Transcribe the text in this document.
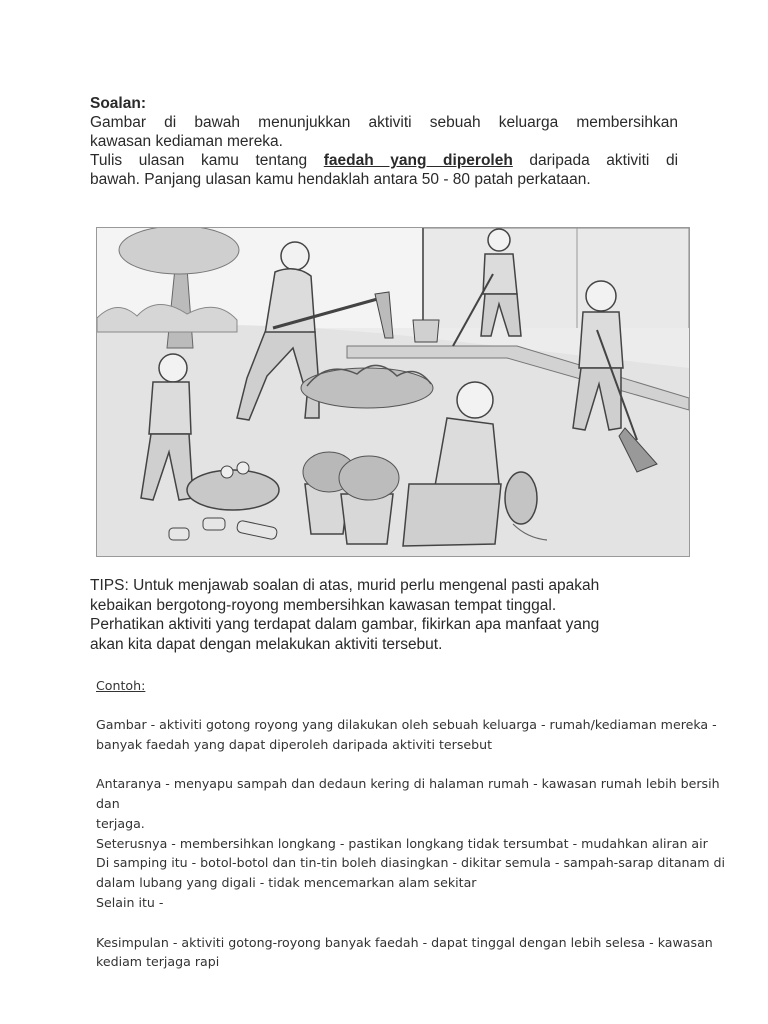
Soalan:
Gambar di bawah menunjukkan aktiviti sebuah keluarga membersihkan
kawasan kediaman mereka.
Tulis ulasan kamu tentang faedah yang diperoleh daripada aktiviti di
bawah. Panjang ulasan kamu hendaklah antara 50 - 80 patah perkataan.
TIPS: Untuk menjawab soalan di atas, murid perlu mengenal pasti apakah
kebaikan bergotong-royong membersihkan kawasan tempat tinggal.
Perhatikan aktiviti yang terdapat dalam gambar, fikirkan apa manfaat yang
akan kita dapat dengan melakukan aktiviti tersebut.

Contoh:

Gambar - aktiviti gotong royong yang dilakukan oleh sebuah keluarga - rumah/kediaman mereka -

banyak faedah yang dapat diperoleh daripada aktiviti tersebut

Antaranya - menyapu sampah dan dedaun kering di halaman rumah - kawasan rumah lebih bersih dan

terjaga.

Seterusnya - membersihkan longkang - pastikan longkang tidak tersumbat - mudahkan aliran air

Di samping itu - botol-botol dan tin-tin boleh diasingkan - dikitar semula - sampah-sarap ditanam di

dalam lubang yang digali - tidak mencemarkan alam sekitar

Selain itu -

Kesimpulan - aktiviti gotong-royong banyak faedah - dapat tinggal dengan lebih selesa - kawasan

kediam terjaga rapi
